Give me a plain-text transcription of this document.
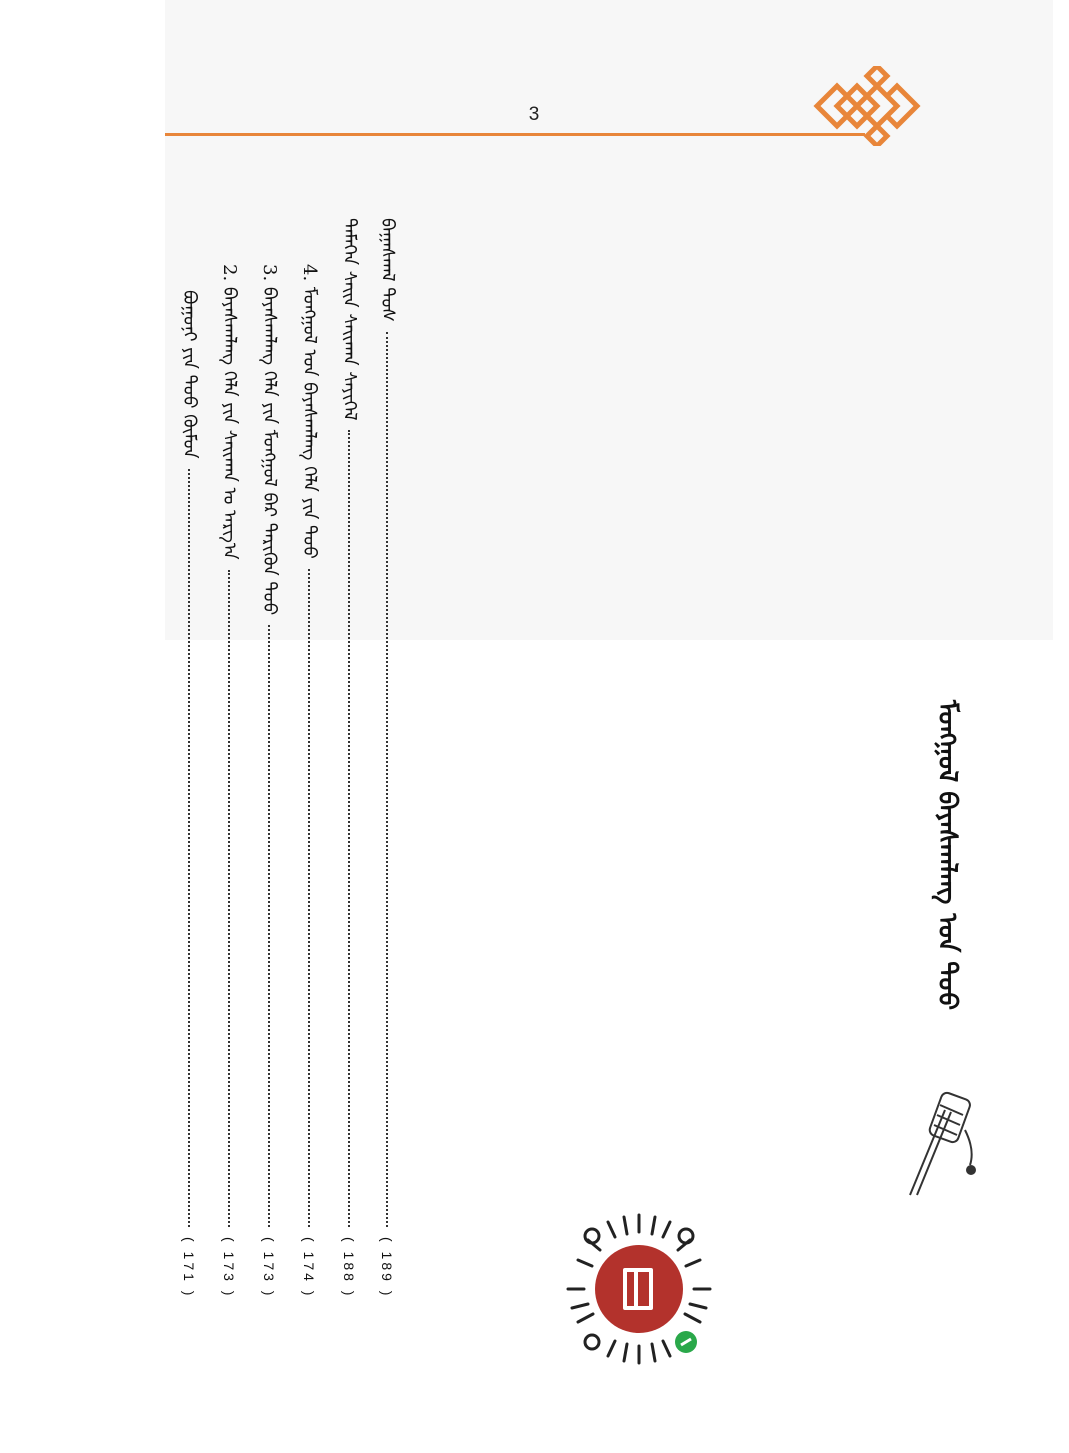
3
ᠪᠠᠭᠠᠰᠬᠠᠯ ᠳᠤᠰ
( 189 )
ᠲᠡᠮᠡᠭᠡᠨ ᠰᠡᠢᠨ ᠰᠠᠢᠬᠠᠨ ᠰᠡᠶᠢᠬᠡᠯ
( 188 )
4. ᠮᠣᠩᠭᠣᠯ ᠤᠨ ᠪᠠᠶᠠᠰᠬᠠᠯᠠᠩ ᠬᠡᠯᠡ ᠶᠢᠨ ᠳᠤᠤ
( 174 )
3. ᠪᠠᠶᠠᠰᠬᠠᠯᠠᠩ ᠬᠡᠯᠡ ᠶᠢᠨ ᠮᠣᠩᠭᠣᠯ ᠪᠡᠷ ᠲᠡᠷᠢᠭᠦᠨ ᠳᠤᠤ
( 173 )
2. ᠪᠠᠶᠠᠰᠬᠠᠯᠠᠩ ᠬᠡᠯᠡ ᠶᠢᠨ ᠰᠠᠢᠬᠠᠨ ᠤ ᠠᠷᠭ᠎ᠠ
( 173 )
ᠪᠣᠭᠣᠨᠢ ᠶᠢᠨ ᠳᠤᠤ ᠬᠦᠮᠦᠨ
( 171 )
ᠮᠣᠩᠭᠣᠯ ᠪᠠᠶᠠᠰᠬᠠᠯᠠᠩ ᠤᠨ ᠳᠤᠤ
